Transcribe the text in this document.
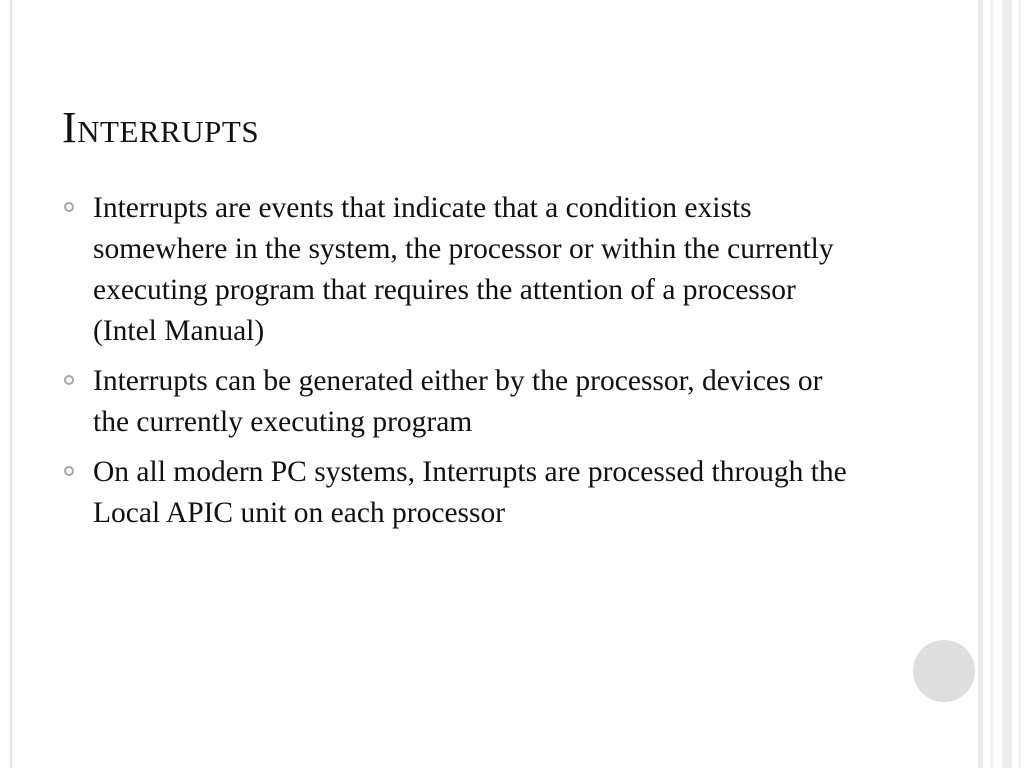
Interrupts
Interrupts are events that indicate that a condition exists somewhere in the system, the processor or within the currently executing program that requires the attention of a processor (Intel Manual)
Interrupts can be generated either by the processor, devices or the currently executing program
On all modern PC systems, Interrupts are processed through the Local APIC unit on each processor
